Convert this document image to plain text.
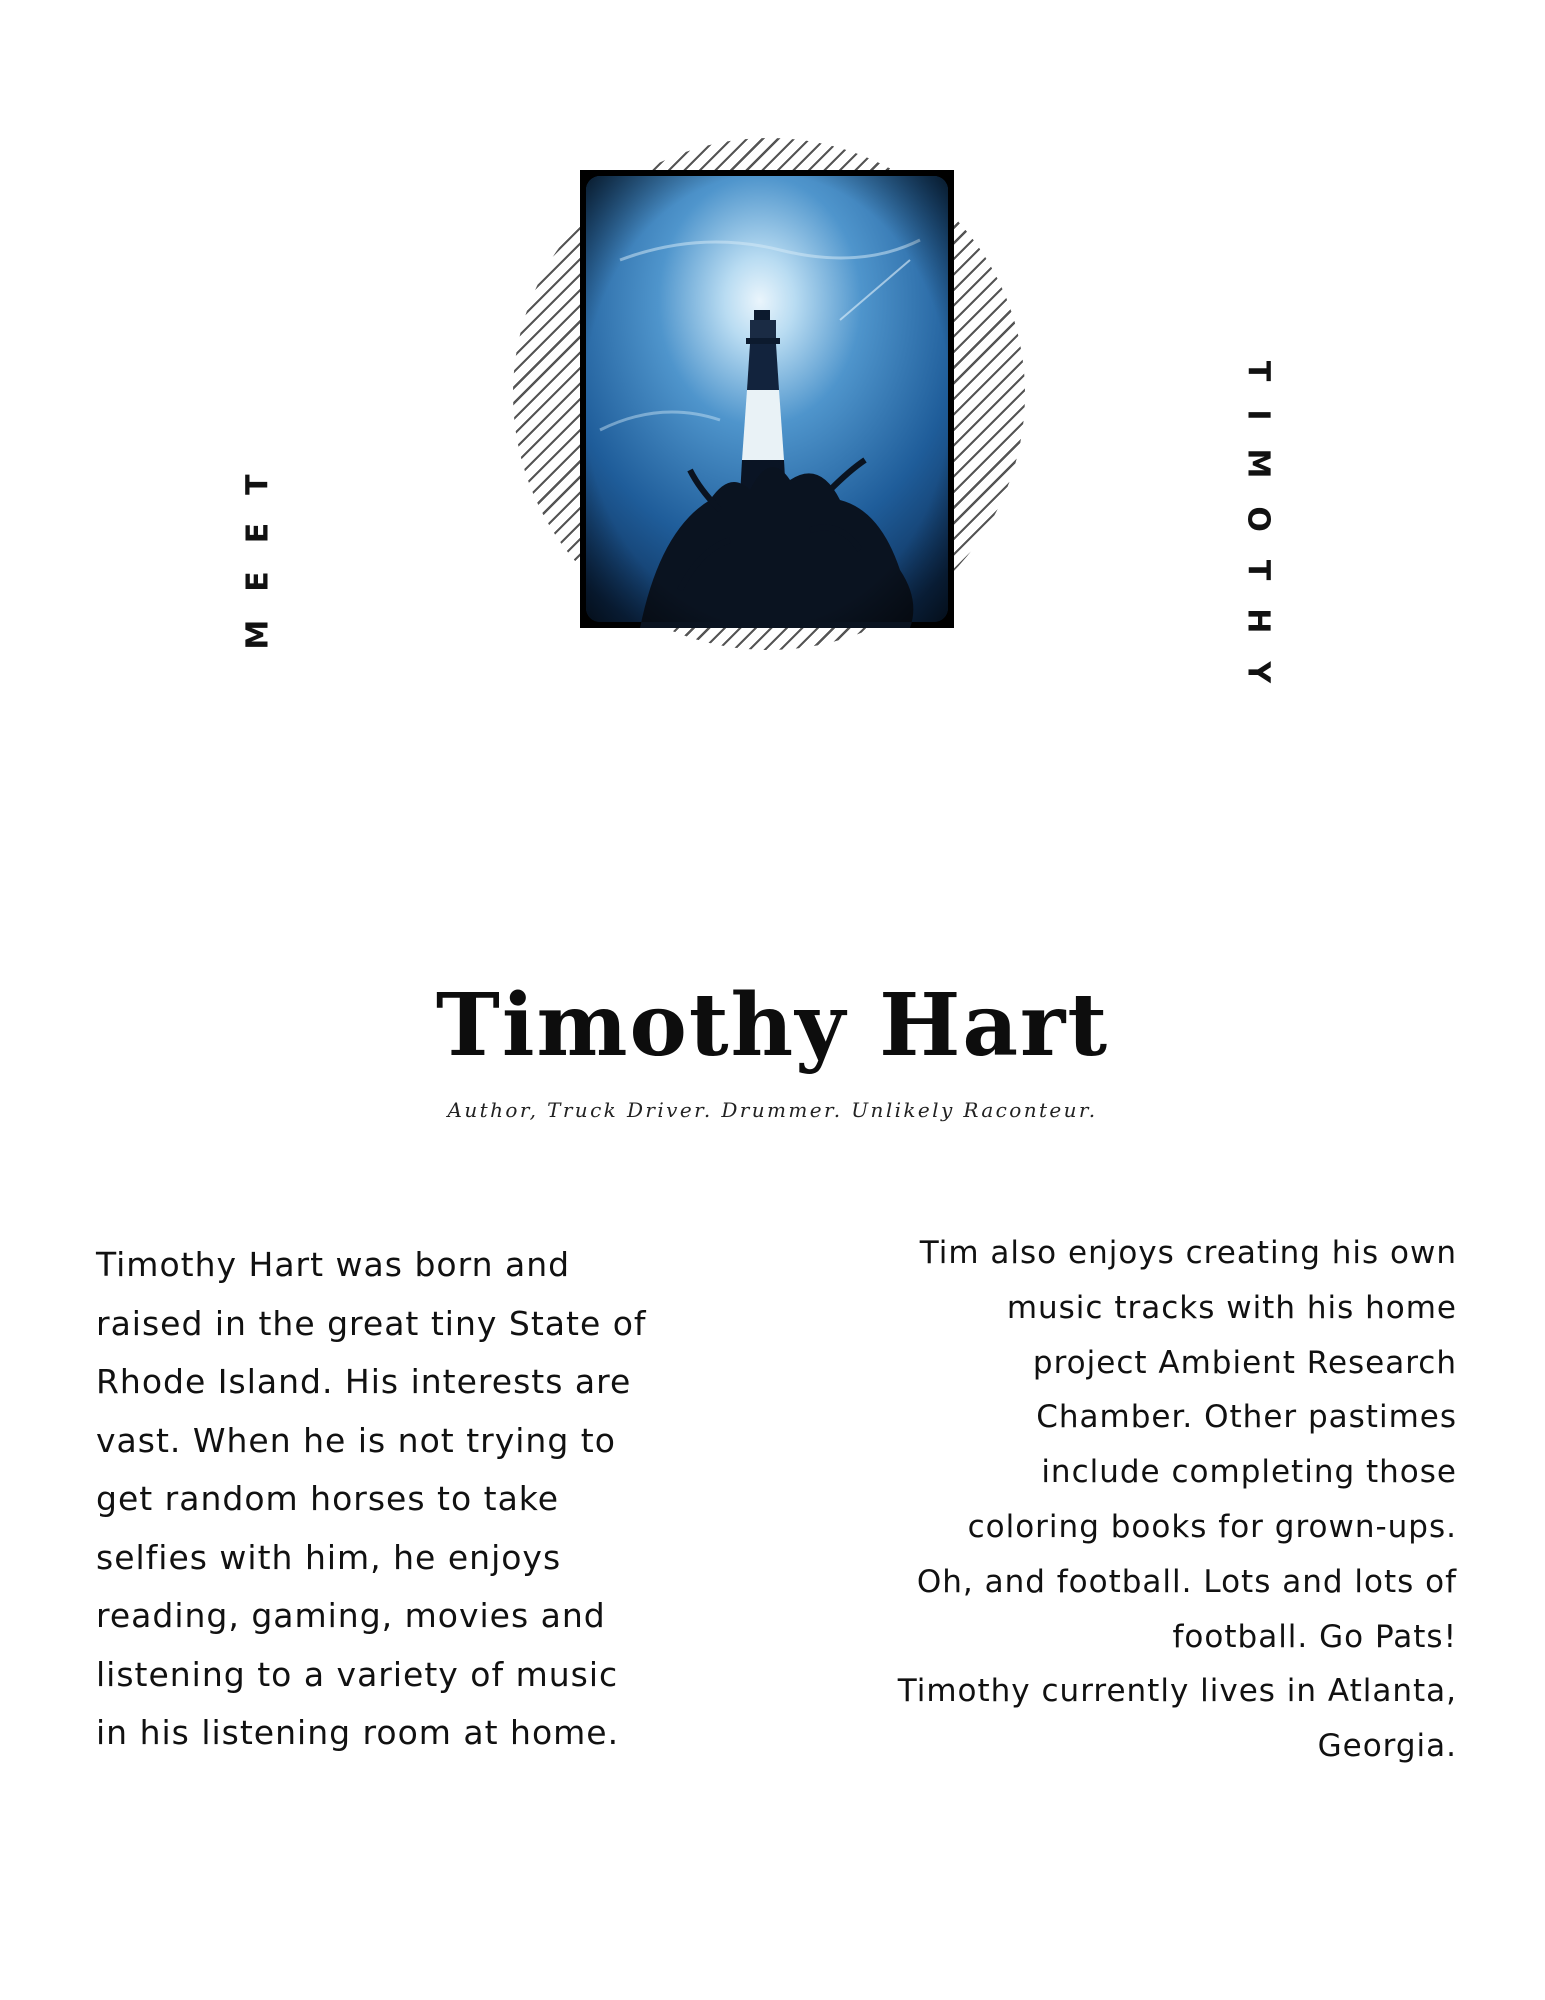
MEET	TIMOTHY
Timothy Hart

Author, Truck Driver. Drummer. Unlikely Raconteur.

Timothy Hart was born and
raised in the great tiny State of
Rhode Island. His interests are
vast. When he is not trying to
get random horses to take
selfies with him, he enjoys
reading, gaming, movies and
listening to a variety of music
in his listening room at home.

Tim also enjoys creating his own
music tracks with his home
project Ambient Research
Chamber. Other pastimes
include completing those
coloring books for grown-ups.
Oh, and football. Lots and lots of
football. Go Pats!
Timothy currently lives in Atlanta,
Georgia.
